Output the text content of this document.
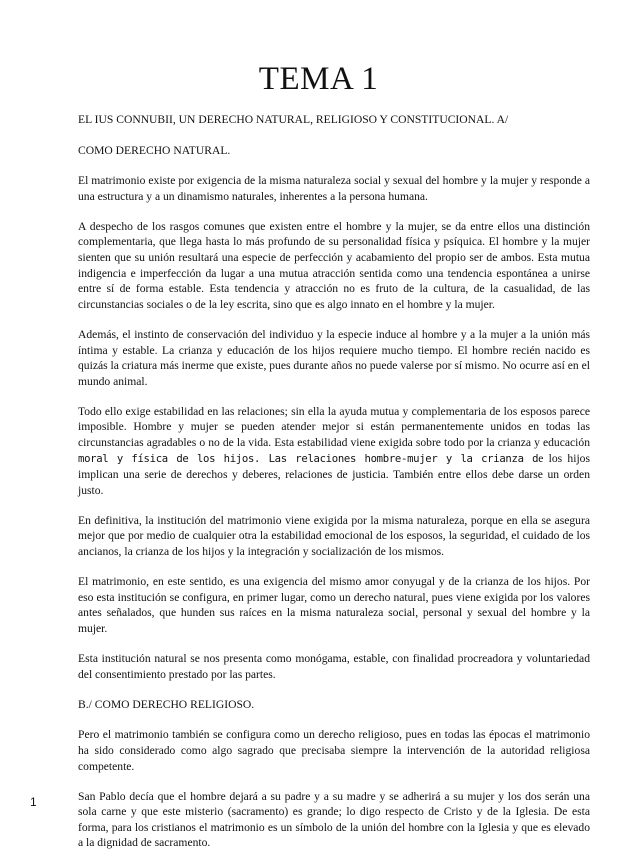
TEMA 1

EL IUS CONNUBII, UN DERECHO NATURAL, RELIGIOSO Y CONSTITUCIONAL. A/

COMO DERECHO NATURAL.

El matrimonio existe por exigencia de la misma naturaleza social y sexual del hombre y la mujer y responde a una estructura y a un dinamismo naturales, inherentes a la persona humana.

A despecho de los rasgos comunes que existen entre el hombre y la mujer, se da entre ellos una distinción complementaria, que llega hasta lo más profundo de su personalidad física y psíquica. El hombre y la mujer sienten que su unión resultará una especie de perfección y acabamiento del propio ser de ambos. Esta mutua indigencia e imperfección da lugar a una mutua atracción sentida como una tendencia espontánea a unirse entre sí de forma estable. Esta tendencia y atracción no es fruto de la cultura, de la casualidad, de las circunstancias sociales o de la ley escrita, sino que es algo innato en el hombre y la mujer.

Además, el instinto de conservación del individuo y la especie induce al hombre y a la mujer a la unión más íntima y estable. La crianza y educación de los hijos requiere mucho tiempo. El hombre recién nacido es quizás la criatura más inerme que existe, pues durante años no puede valerse por sí mismo. No ocurre así en el mundo animal.

Todo ello exige estabilidad en las relaciones; sin ella la ayuda mutua y complementaria de los esposos parece imposible. Hombre y mujer se pueden atender mejor si están permanentemente unidos en todas las circunstancias agradables o no de la vida. Esta estabilidad viene exigida sobre todo por la crianza y educación moral y física de los hijos. Las relaciones hombre-mujer y la crianza de los hijos implican una serie de derechos y deberes, relaciones de justicia. También entre ellos debe darse un orden justo.

En definitiva, la institución del matrimonio viene exigida por la misma naturaleza, porque en ella se asegura mejor que por medio de cualquier otra la estabilidad emocional de los esposos, la seguridad, el cuidado de los ancianos, la crianza de los hijos y la integración y socialización de los mismos.

El matrimonio, en este sentido, es una exigencia del mismo amor conyugal y de la crianza de los hijos. Por eso esta institución se configura, en primer lugar, como un derecho natural, pues viene exigida por los valores antes señalados, que hunden sus raíces en la misma naturaleza social, personal y sexual del hombre y la mujer.

Esta institución natural se nos presenta como monógama, estable, con finalidad procreadora y voluntariedad del consentimiento prestado por las partes.

B./ COMO DERECHO RELIGIOSO.

Pero el matrimonio también se configura como un derecho religioso, pues en todas las épocas el matrimonio ha sido considerado como algo sagrado que precisaba siempre la intervención de la autoridad religiosa competente.

San Pablo decía que el hombre dejará a su padre y a su madre y se adherirá a su mujer y los dos serán una sola carne y que este misterio (sacramento) es grande; lo digo respecto de Cristo y de la Iglesia. De esta forma, para los cristianos el matrimonio es un símbolo de la unión del hombre con la Iglesia y que es elevado a la dignidad de sacramento.

1
